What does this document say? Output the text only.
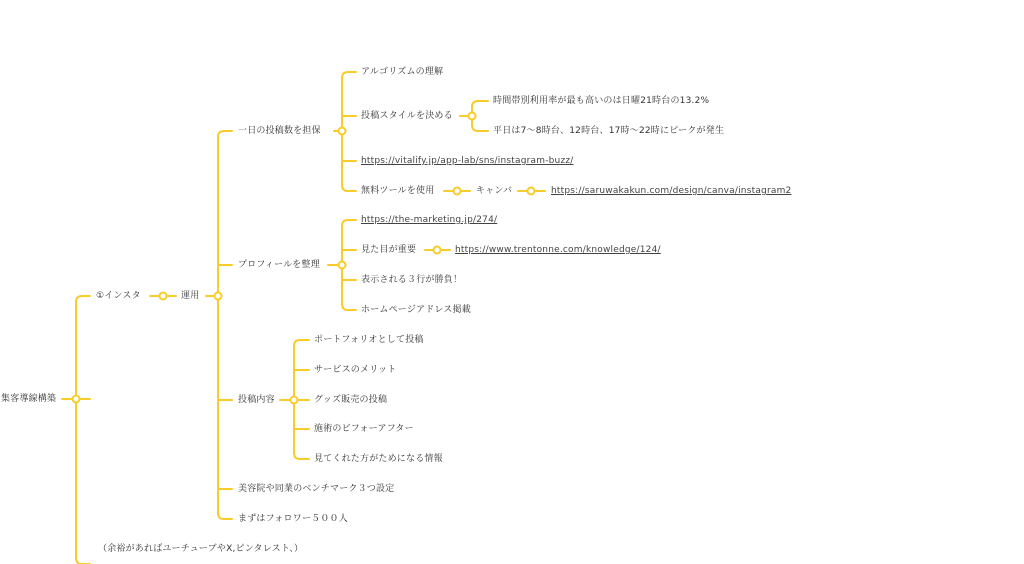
集客導線構築
①インスタ
（余裕があればユーチューブやX,ピンタレスト、）
運用
一日の投稿数を担保
プロフィールを整理
投稿内容
美容院や同業のベンチマーク３つ設定
まずはフォロワー５００人
アルゴリズムの理解
投稿スタイルを決める
https://vitalify.jp/app-lab/sns/instagram-buzz/
無料ツールを使用
時間帯別利用率が最も高いのは日曜21時台の13.2%
平日は7〜8時台、12時台、17時〜22時にピークが発生
キャンバ	https://saruwakakun.com/design/canva/instagram2
https://the-marketing.jp/274/
見た目が重要	https://www.trentonne.com/knowledge/124/
表示される３行が勝負！
ホームページアドレス掲載
ポートフォリオとして投稿
サービスのメリット
グッズ販売の投稿
施術のビフォーアフター
見てくれた方がためになる情報
